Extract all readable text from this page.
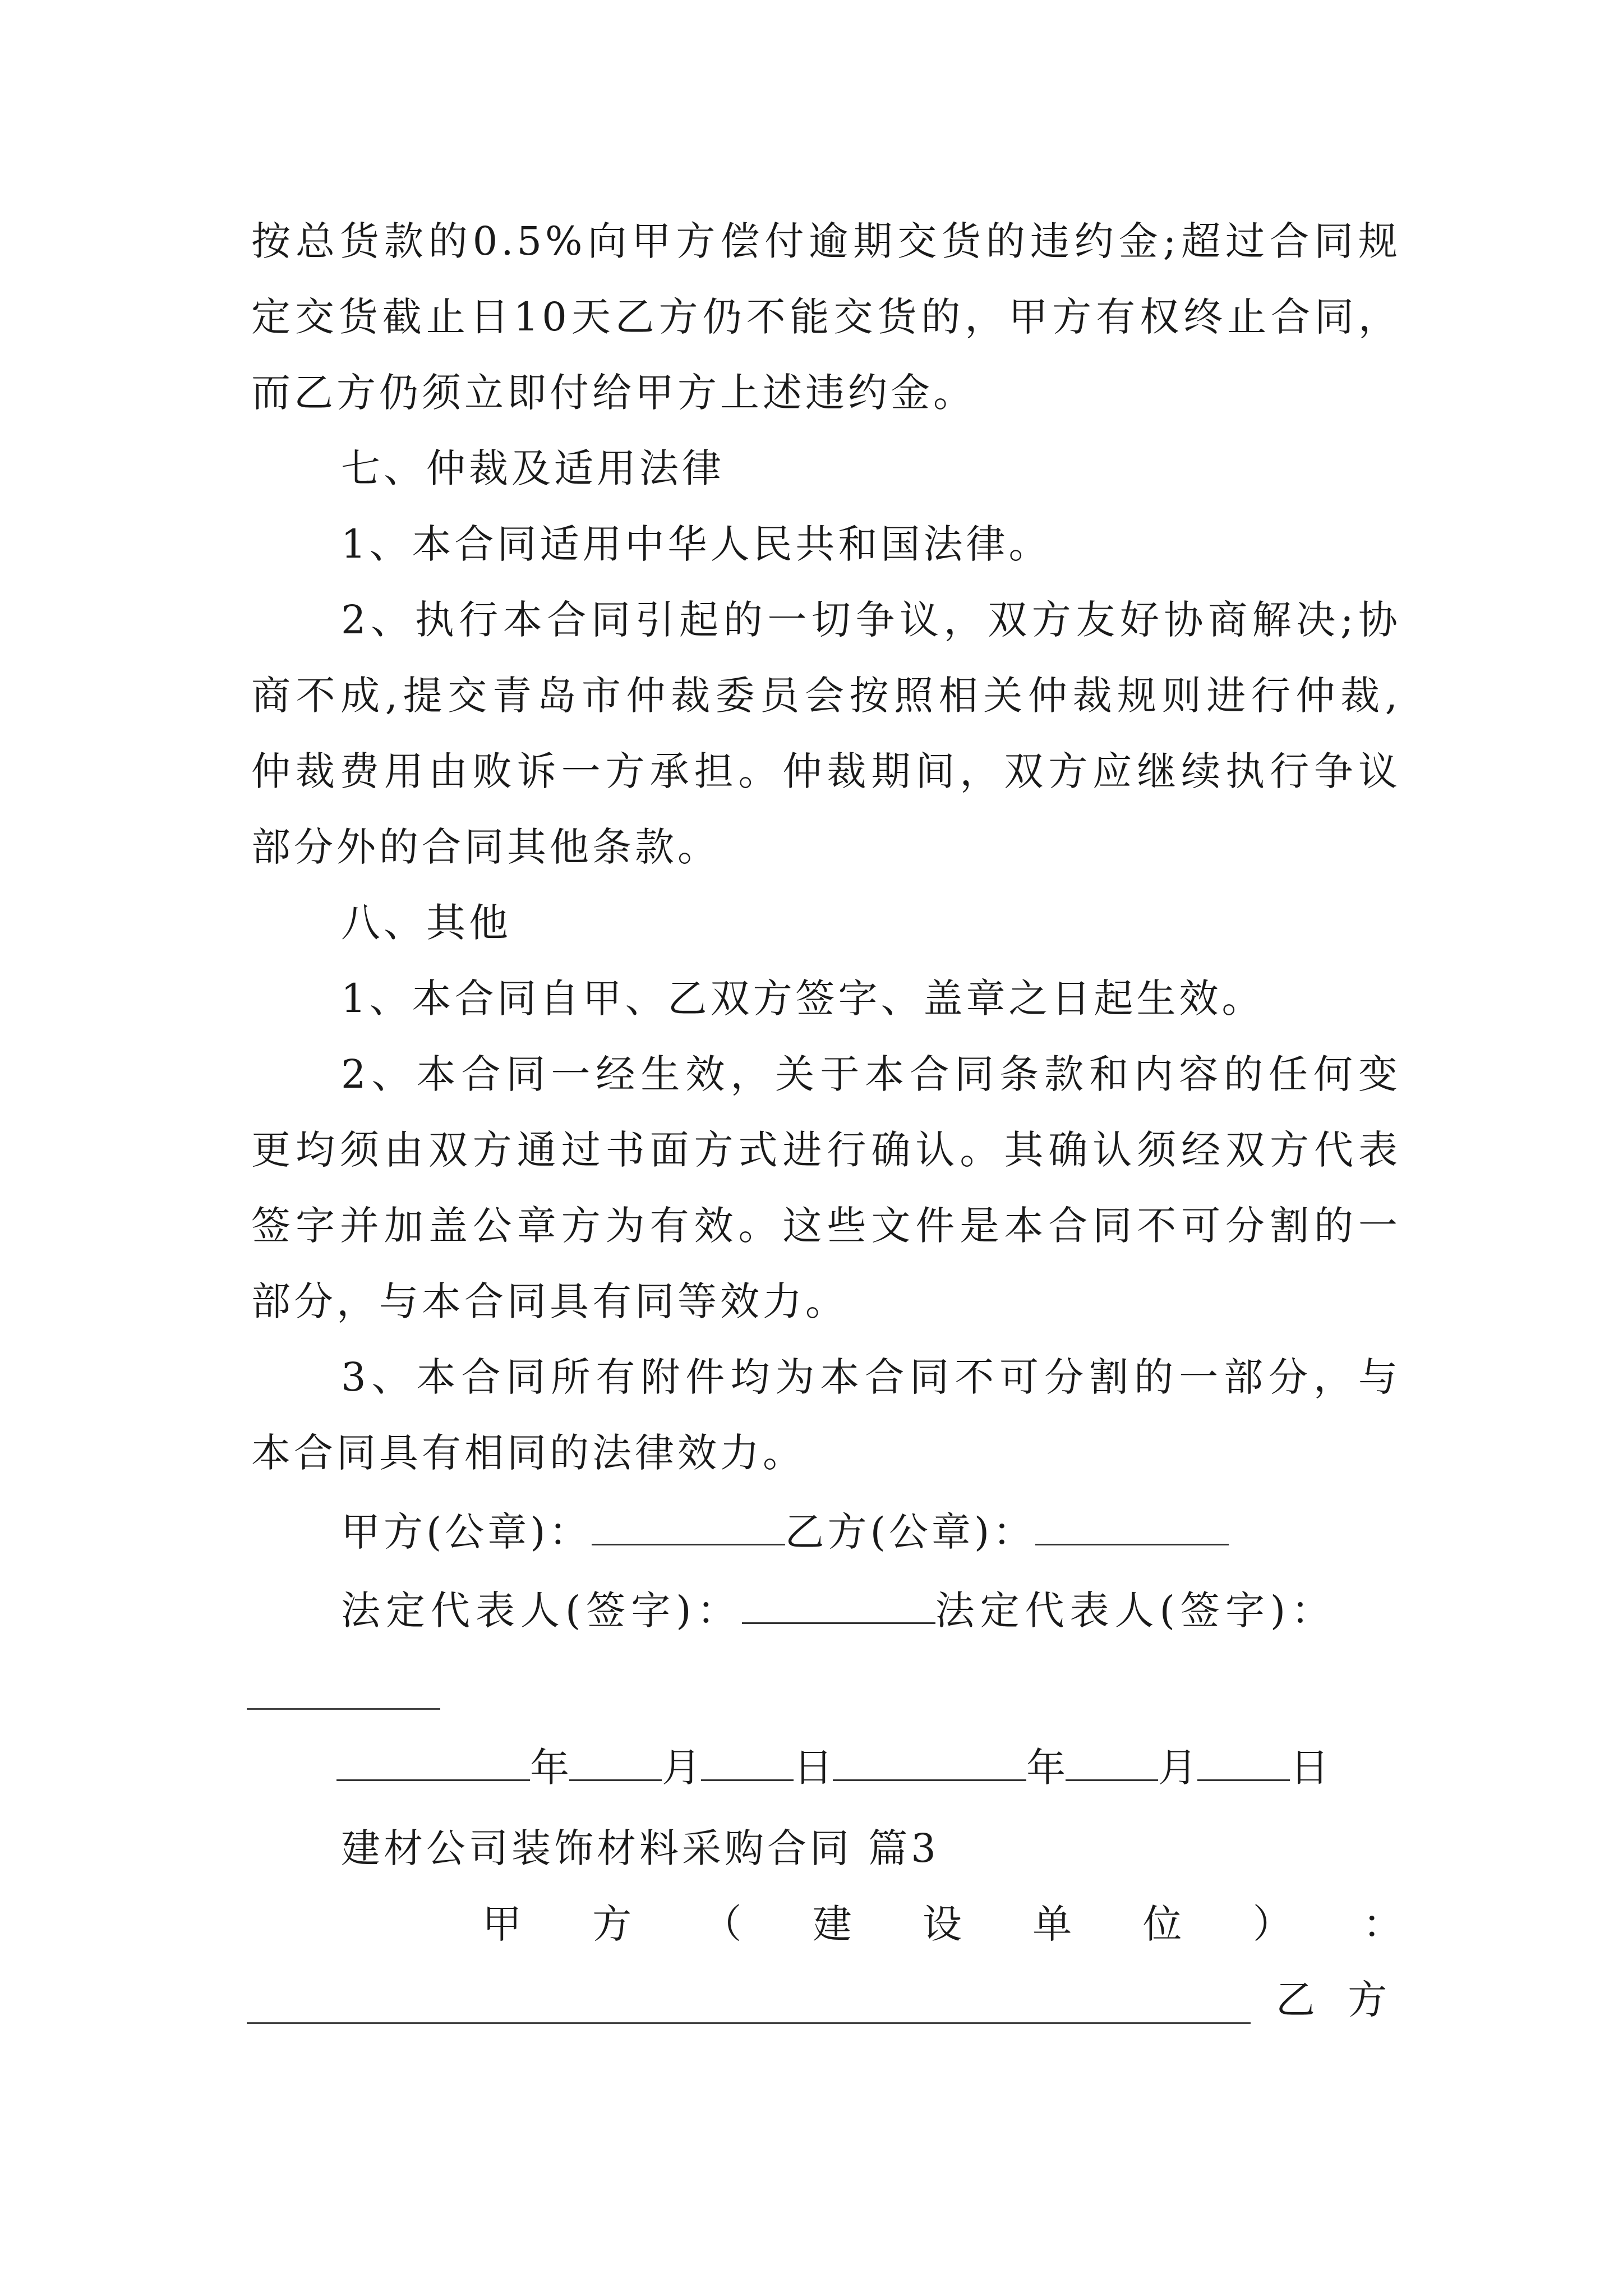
按总货款的0.5%向甲方偿付逾期交货的违约金;超过合同规
定交货截止日10天乙方仍不能交货的，甲方有权终止合同，
而乙方仍须立即付给甲方上述违约金。
七、仲裁及适用法律
1、本合同适用中华人民共和国法律。
2、执行本合同引起的一切争议，双方友好协商解决;协
商不成,提交青岛市仲裁委员会按照相关仲裁规则进行仲裁,
仲裁费用由败诉一方承担。仲裁期间，双方应继续执行争议
部分外的合同其他条款。
八、其他
1、本合同自甲、乙双方签字、盖章之日起生效。
2、本合同一经生效，关于本合同条款和内容的任何变
更均须由双方通过书面方式进行确认。其确认须经双方代表
签字并加盖公章方为有效。这些文件是本合同不可分割的一
部分，与本合同具有同等效力。
3、本合同所有附件均为本合同不可分割的一部分，与
本合同具有相同的法律效力。
甲方(公章)：	乙方(公章)：
法定代表人(签字)：	法定代表人(签字)：
年 月 日	年 月 日
建材公司装饰材料采购合同 篇3
甲 方 （ 建 设 单 位 ） ：
乙 方
